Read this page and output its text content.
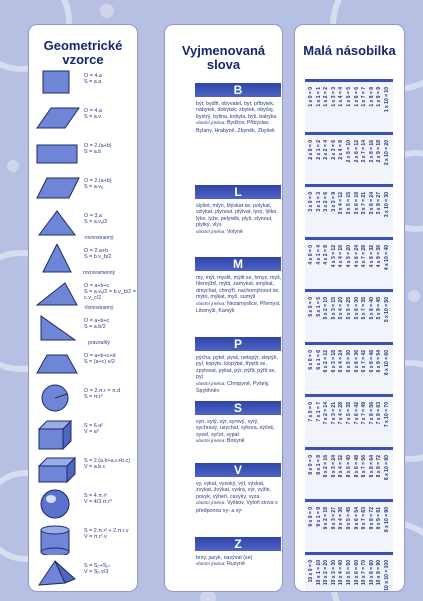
Geometrické vzorce
O = 4.a
S = a.a
O = 4.a
S = a.v
O = 2.(a+b)
S = a.b
O = 2.(a+b)
S = a.vₐ
O = 3.a
S = a.vₐ/2
rovnostranný
O = 2.a+b
S = b.v_b/2
rovnoramenný
O = a+b+c
S = a.vₐ/2 = b.v_b/2 = c.v_c/2
rôznostranný
O = a+b+c
S = a.b/2
pravouhlý
O = a+b+c+d
S = (a+c).v/2
O = 2.π.r = π.d
S = π.r²
S = 6.a²
V = a³
S = 2.(a.b+a.c+b.c)
V = a.b.c
S = 4.π.r²
V = 4/3.π.r³
S = 2.π.r² + 2.π.r.v
V = π.r².v
S = Sₚ+Sₚₗ
V = Sₚ.v/3
Vyjmenovaná slova
B
být, bydlit, obyvatel, byt, příbytek, nábytek, dobytek, zbytek, obyčej, bystrý, bylina, kobyla, býk, babyka
vlastní jména: Bydžov, Přibyslav, Bylany, Hrabyně, Zbyněk, Zbyšek
L
slyšet, mlýn, blýskat se, polykat, vzlykat, plynout, plýtvat, lysý, lýtko, lýko, lyže, pelyněk, plyš, slynout, plytký, vlys
vlastní jména: Volyně
M
my, mýt, myslit, mýlit se, hmyz, myš, hlemýžď, mýtit, zamykat, smýkat, dmychat, chmýří, nachomýtnout se, mýto, mýkat, myš, sumýš
vlastní jména: Nezamyslice, Přemysl, Litomyšl, Kamýk
P
pýcha, pytel, pysk, netopýr, slepýš, pyl, kopyto, klopýtat, třpytit se, zpytovat, pykat, pýr, pýřit, pýřit se, pyj
vlastní jména: Chropyně, Pyšely, Spytihněv
S
syn, sytý, sýr, syrový, syrý, sychravý, usychat, sýkora, sýček, sysel, syčet, sypat
vlastní jména: Bosyně
V
vy, vykat, vysoký, výt, výskat, zvykat, žvýkat, vydra, výr, vyžle, povyk, výheň, cavyky, vyza
vlastní jména: Vyškov, Vytoň slova s předponou vy- a vý-
Z
brzy, jazyk, nazývat (se)
vlastní jména: Ruzyně
Malá násobilka
1 x 0 = 0 1 x 1 = 1 1 x 2 = 2 1 x 3 = 3 1 x 4 = 4 1 x 5 = 5 1 x 6 = 6 1 x 7 = 7 1 x 8 = 8 1 x 9 = 9 1 x 10 = 10
2 x 0 = 0 2 x 1 = 2 2 x 2 = 4 2 x 3 = 6 2 x 4 = 8 2 x 5 = 10 2 x 6 = 12 2 x 7 = 14 2 x 8 = 16 2 x 9 = 18 2 x 10 = 20
3 x 0 = 0 3 x 1 = 3 3 x 2 = 6 3 x 3 = 9 3 x 4 = 12 3 x 5 = 15 3 x 6 = 18 3 x 7 = 21 3 x 8 = 24 3 x 9 = 27 3 x 10 = 30
4 x 0 = 0 4 x 1 = 4 4 x 2 = 8 4 x 3 = 12 4 x 4 = 16 4 x 5 = 20 4 x 6 = 24 4 x 7 = 28 4 x 8 = 32 4 x 9 = 36 4 x 10 = 40
5 x 0 = 0 5 x 1 = 5 5 x 2 = 10 5 x 3 = 15 5 x 4 = 20 5 x 5 = 25 5 x 6 = 30 5 x 7 = 35 5 x 8 = 40 5 x 9 = 45 5 x 10 = 50
6 x 0 = 0 6 x 1 = 6 6 x 2 = 12 6 x 3 = 18 6 x 4 = 24 6 x 5 = 30 6 x 6 = 36 6 x 7 = 42 6 x 8 = 48 6 x 9 = 54 6 x 10 = 60
7 x 0 = 0 7 x 1 = 7 7 x 2 = 14 7 x 3 = 21 7 x 4 = 28 7 x 5 = 35 7 x 6 = 42 7 x 7 = 49 7 x 8 = 56 7 x 9 = 63 7 x 10 = 70
8 x 0 = 0 8 x 1 = 8 8 x 2 = 16 8 x 3 = 24 8 x 4 = 32 8 x 5 = 40 8 x 6 = 48 8 x 7 = 56 8 x 8 = 64 8 x 9 = 72 8 x 10 = 80
9 x 0 = 0 9 x 1 = 9 9 x 2 = 18 9 x 3 = 27 9 x 4 = 36 9 x 5 = 45 9 x 6 = 54 9 x 7 = 63 9 x 8 = 72 9 x 9 = 81 9 x 10 = 90
10 x 0 = 0 10 x 1 = 10 10 x 2 = 20 10 x 3 = 30 10 x 4 = 40 10 x 5 = 50 10 x 6 = 60 10 x 7 = 70 10 x 8 = 80 10 x 9 = 90 10 x 10 = 100
